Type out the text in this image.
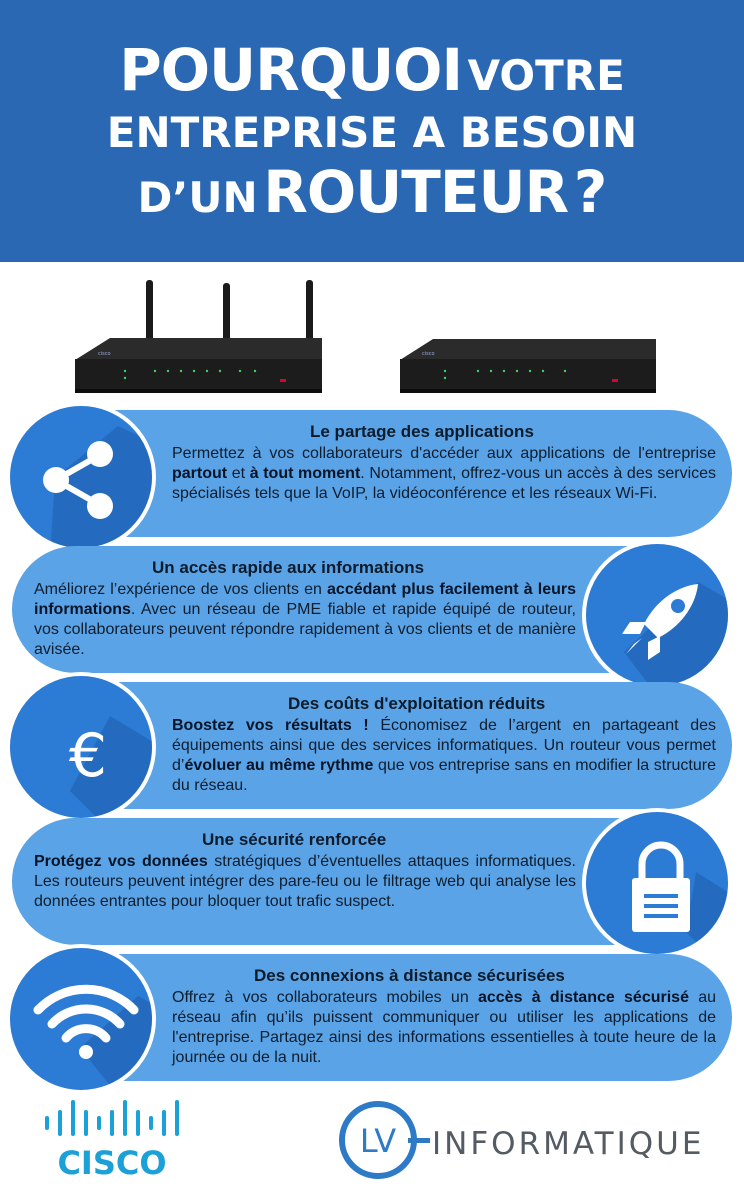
POURQUOI VOTRE
ENTREPRISE A BESOIN
D’UN ROUTEUR ?
cisco	cisco
Le partage des applications
Permettez à vos collaborateurs d'accéder aux applications de l'entreprise partout et à tout moment. Notamment, offrez-vous un accès à des services spécialisés tels que la VoIP, la vidéoconférence et les réseaux Wi-Fi.
Un accès rapide aux informations
Améliorez l’expérience de vos clients en accédant plus facilement à leurs informations. Avec un réseau de PME fiable et rapide équipé de routeur, vos collaborateurs peuvent répondre rapidement à vos clients et de manière avisée.
Des coûts d'exploitation réduits
Boostez vos résultats ! Économisez de l’argent en partageant des équipements ainsi que des services informatiques. Un routeur vous permet d’évoluer au même rythme que vos entreprise sans en modifier la structure du réseau.
€
Une sécurité renforcée
Protégez vos données stratégiques d’éventuelles attaques informatiques. Les routeurs peuvent intégrer des pare-feu ou le filtrage web qui analyse les données entrantes pour bloquer tout trafic suspect.
Des connexions à distance sécurisées
Offrez à vos collaborateurs mobiles un accès à distance sécurisé au réseau afin qu’ils puissent communiquer ou utiliser les applications de l'entreprise. Partagez ainsi des informations essentielles à toute heure de la journée ou de la nuit.
CISCO
LV INFORMATIQUE
